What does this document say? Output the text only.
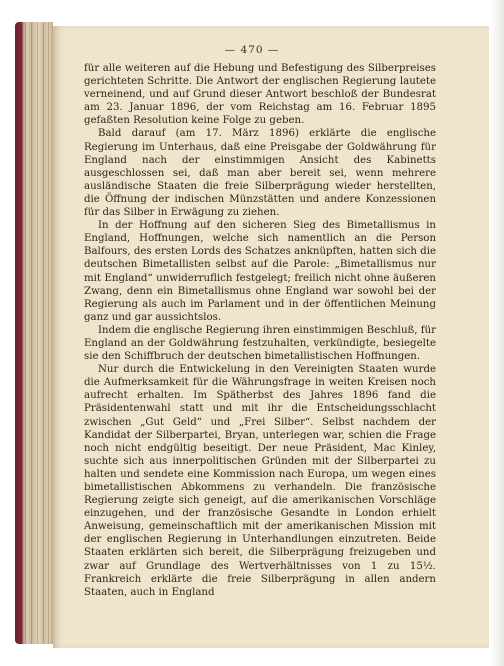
— 470 —

für alle weiteren auf die Hebung und Befestigung des Silberpreises gerichteten Schritte. Die Antwort der englischen Regierung lautete verneinend, und auf Grund dieser Antwort beschloß der Bundesrat am 23. Januar 1896, der vom Reichstag am 16. Februar 1895 gefaßten Resolution keine Folge zu geben.

Bald darauf (am 17. März 1896) erklärte die englische Regierung im Unterhaus, daß eine Preisgabe der Goldwährung für England nach der einstimmigen Ansicht des Kabinetts ausgeschlossen sei, daß man aber bereit sei, wenn mehrere ausländische Staaten die freie Silberprägung wieder herstellten, die Öffnung der indischen Münzstätten und andere Konzessionen für das Silber in Erwägung zu ziehen.

In der Hoffnung auf den sicheren Sieg des Bimetallismus in England, Hoffnungen, welche sich namentlich an die Person Balfours, des ersten Lords des Schatzes anknüpften, hatten sich die deutschen Bimetallisten selbst auf die Parole: „Bimetallismus nur mit England“ unwiderruflich festgelegt; freilich nicht ohne äußeren Zwang, denn ein Bimetallismus ohne England war sowohl bei der Regierung als auch im Parlament und in der öffentlichen Meinung ganz und gar aussichtslos.

Indem die englische Regierung ihren einstimmigen Beschluß, für England an der Goldwährung festzuhalten, verkündigte, besiegelte sie den Schiffbruch der deutschen bimetallistischen Hoffnungen.

Nur durch die Entwickelung in den Vereinigten Staaten wurde die Aufmerksamkeit für die Währungsfrage in weiten Kreisen noch aufrecht erhalten. Im Spätherbst des Jahres 1896 fand die Präsidentenwahl statt und mit ihr die Entscheidungsschlacht zwischen „Gut Geld“ und „Frei Silber“. Selbst nachdem der Kandidat der Silberpartei, Bryan, unterlegen war, schien die Frage noch nicht endgültig beseitigt. Der neue Präsident, Mac Kinley, suchte sich aus innerpolitischen Gründen mit der Silberpartei zu halten und sendete eine Kommission nach Europa, um wegen eines bimetallistischen Abkommens zu verhandeln. Die französische Regierung zeigte sich geneigt, auf die amerikanischen Vorschläge einzugehen, und der französische Gesandte in London erhielt Anweisung, gemeinschaftlich mit der amerikanischen Mission mit der englischen Regierung in Unterhandlungen einzutreten. Beide Staaten erklärten sich bereit, die Silberprägung freizugeben und zwar auf Grundlage des Wertverhältnisses von 1 zu 15½. Frankreich erklärte die freie Silberprägung in allen andern Staaten, auch in England
